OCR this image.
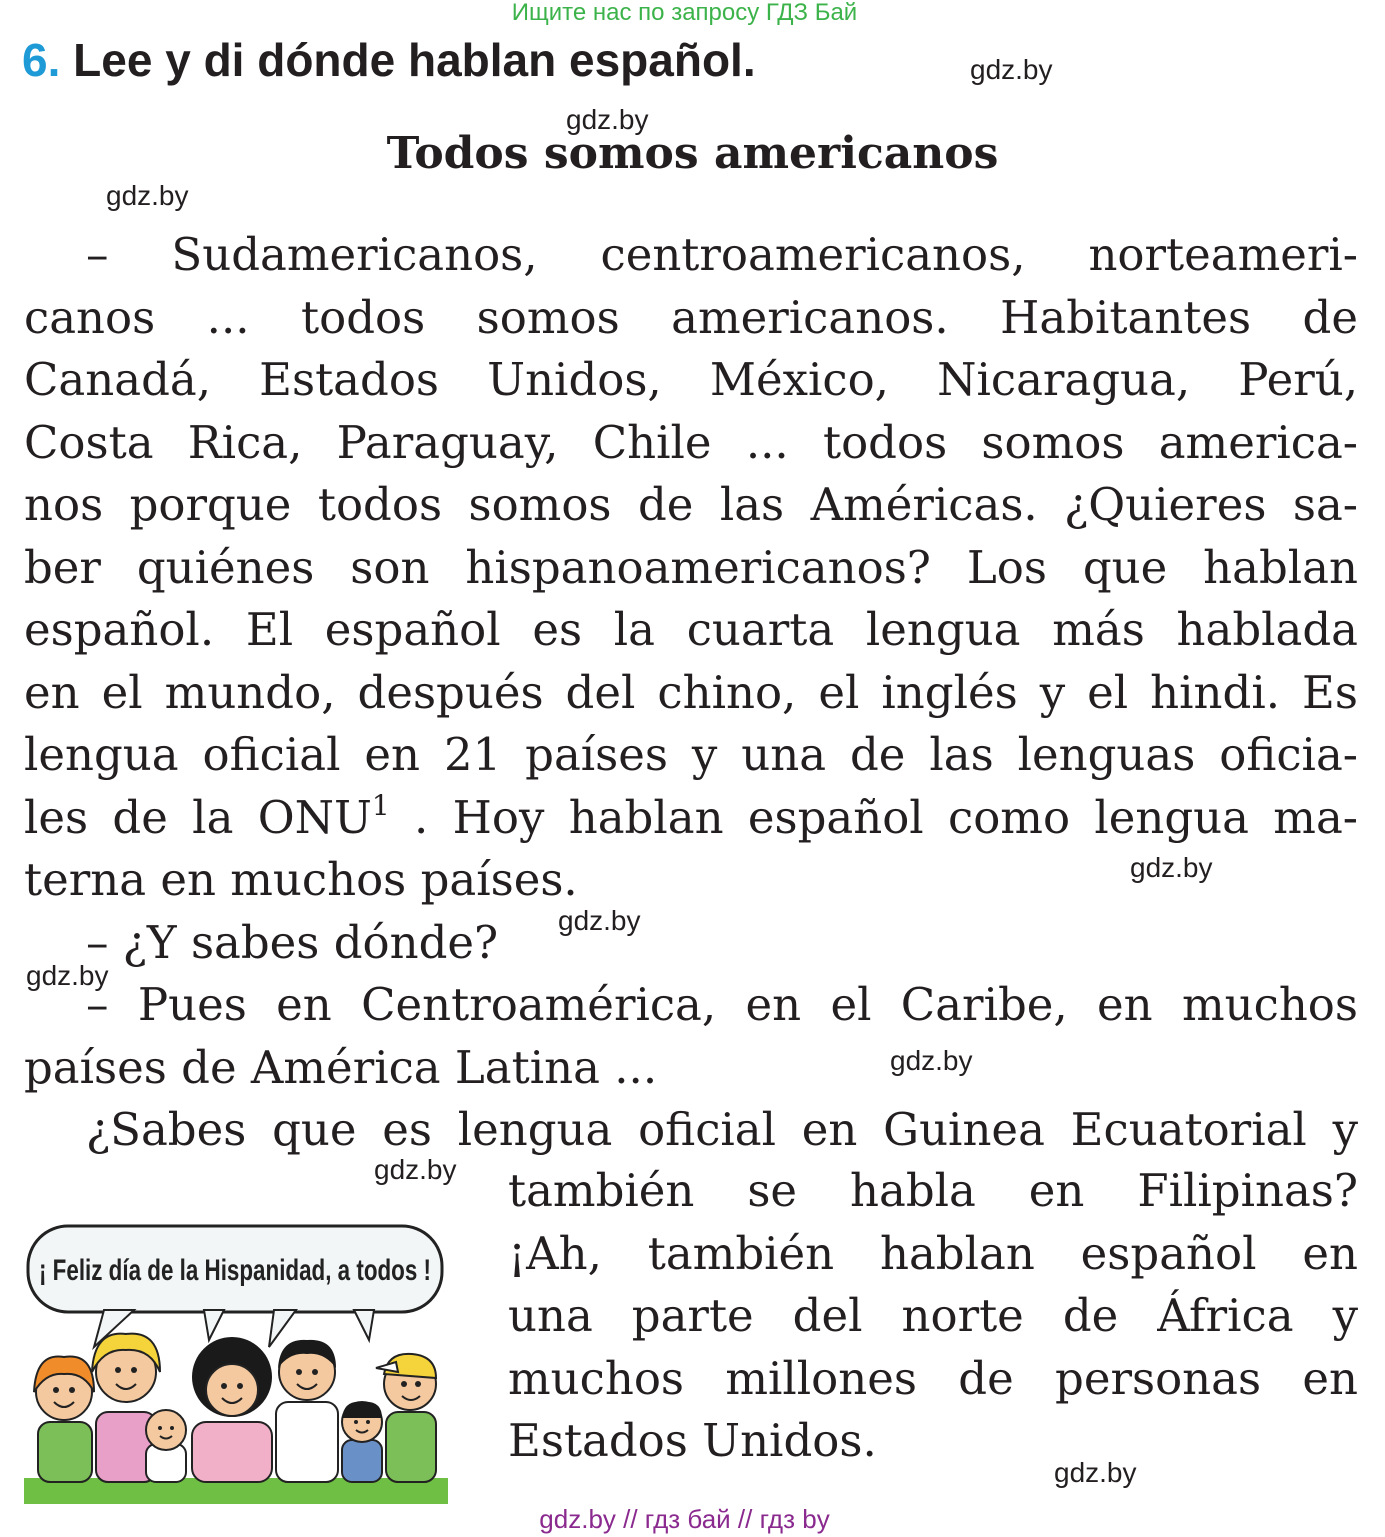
Ищите нас по запросу ГДЗ Бай
6. Lee y di dónde hablan español.
Todos somos americanos
gdz.by
gdz.by
gdz.by
gdz.by
gdz.by
gdz.by
gdz.by
gdz.by
gdz.by
– Sudamericanos, centroamericanos, norteameri-
canos ... todos somos americanos. Habitantes de
Canadá, Estados Unidos, México, Nicaragua, Perú,
Costa Rica, Paraguay, Chile ... todos somos america-
nos porque todos somos de las Américas. ¿Quieres sa-
ber quiénes son hispanoamericanos? Los que hablan
español. El español es la cuarta lengua más hablada
en el mundo, después del chino, el inglés y el hindi. Es
lengua oficial en 21 países y una de las lenguas oficia-
les de la ONU$^1$ . Hoy hablan español como lengua ma-
terna en muchos países.
– ¿Y sabes dónde?
– Pues en Centroamérica, en el Caribe, en muchos
países de América Latina ...
¿Sabes que es lengua oficial en Guinea Ecuatorial y
también se habla en Filipinas?
¡Ah, también hablan español en
una parte del norte de África y
muchos millones de personas en
Estados Unidos.
¡ Feliz día de la Hispanidad, a todos !
gdz.by // гдз бай // гдз by
